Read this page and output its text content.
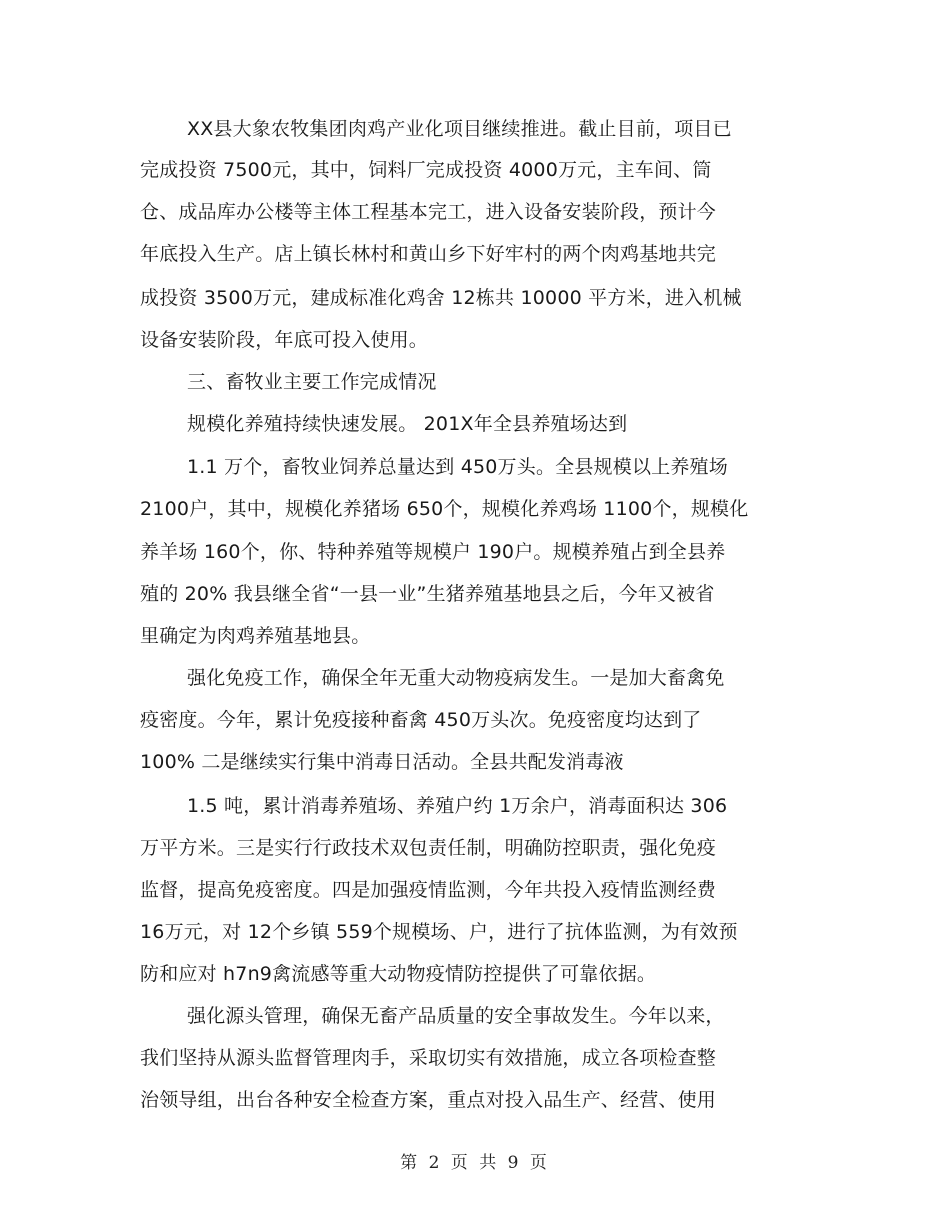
XX县大象农牧集团肉鸡产业化项目继续推进。截止目前，项目已
完成投资 7500元，其中，饲料厂完成投资 4000万元，主车间、筒
仓、成品库办公楼等主体工程基本完工，进入设备安装阶段，预计今
年底投入生产。店上镇长林村和黄山乡下好牢村的两个肉鸡基地共完
成投资 3500万元，建成标准化鸡舍 12栋共 10000 平方米，进入机械
设备安装阶段，年底可投入使用。
三、畜牧业主要工作完成情况
规模化养殖持续快速发展。 201X年全县养殖场达到
1.1 万个，畜牧业饲养总量达到 450万头。全县规模以上养殖场
2100户，其中，规模化养猪场 650个，规模化养鸡场 1100个，规模化
养羊场 160个，你、特种养殖等规模户 190户。规模养殖占到全县养
殖的 20% 我县继全省“一县一业”生猪养殖基地县之后，今年又被省
里确定为肉鸡养殖基地县。
强化免疫工作，确保全年无重大动物疫病发生。一是加大畜禽免
疫密度。今年，累计免疫接种畜禽 450万头次。免疫密度均达到了
100% 二是继续实行集中消毒日活动。全县共配发消毒液
1.5 吨，累计消毒养殖场、养殖户约 1万余户，消毒面积达 306
万平方米。三是实行行政技术双包责任制，明确防控职责，强化免疫
监督，提高免疫密度。四是加强疫情监测，今年共投入疫情监测经费
16万元，对 12个乡镇 559个规模场、户，进行了抗体监测，为有效预
防和应对 h7n9禽流感等重大动物疫情防控提供了可靠依据。
强化源头管理，确保无畜产品质量的安全事故发生。今年以来，
我们坚持从源头监督管理肉手，采取切实有效措施，成立各项检查整
治领导组，出台各种安全检查方案，重点对投入品生产、经营、使用
第 2 页 共 9 页
